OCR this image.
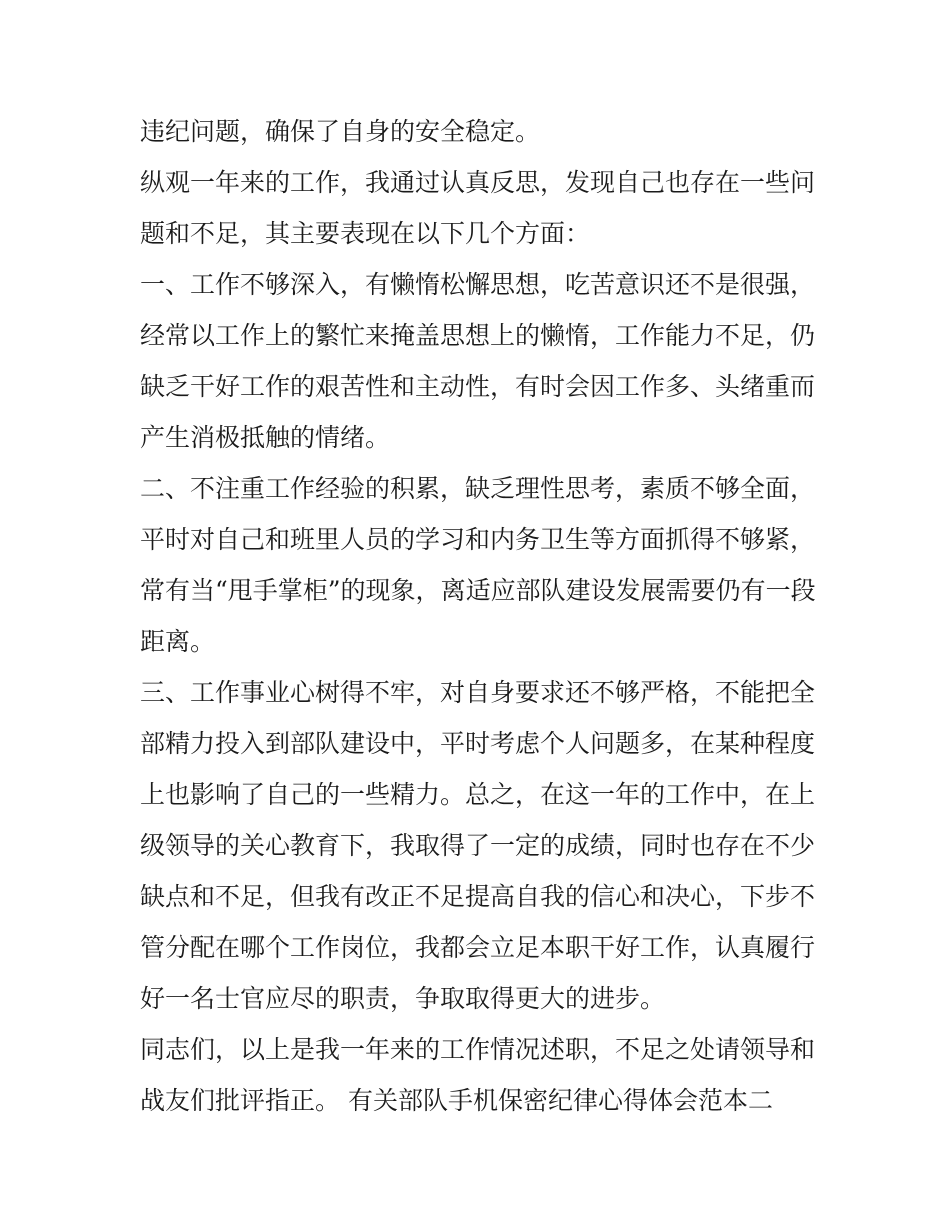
违纪问题，确保了自身的安全稳定。

纵观一年来的工作，我通过认真反思，发现自己也存在一些问

题和不足，其主要表现在以下几个方面：

一、工作不够深入，有懒惰松懈思想，吃苦意识还不是很强，

经常以工作上的繁忙来掩盖思想上的懒惰，工作能力不足，仍

缺乏干好工作的艰苦性和主动性，有时会因工作多、头绪重而

产生消极抵触的情绪。

二、不注重工作经验的积累，缺乏理性思考，素质不够全面，

平时对自己和班里人员的学习和内务卫生等方面抓得不够紧，

常有当“甩手掌柜”的现象，离适应部队建设发展需要仍有一段

距离。

三、工作事业心树得不牢，对自身要求还不够严格，不能把全

部精力投入到部队建设中，平时考虑个人问题多，在某种程度

上也影响了自己的一些精力。总之，在这一年的工作中，在上

级领导的关心教育下，我取得了一定的成绩，同时也存在不少

缺点和不足，但我有改正不足提高自我的信心和决心，下步不

管分配在哪个工作岗位，我都会立足本职干好工作，认真履行

好一名士官应尽的职责，争取取得更大的进步。

同志们，以上是我一年来的工作情况述职，不足之处请领导和

战友们批评指正。 有关部队手机保密纪律心得体会范本二
